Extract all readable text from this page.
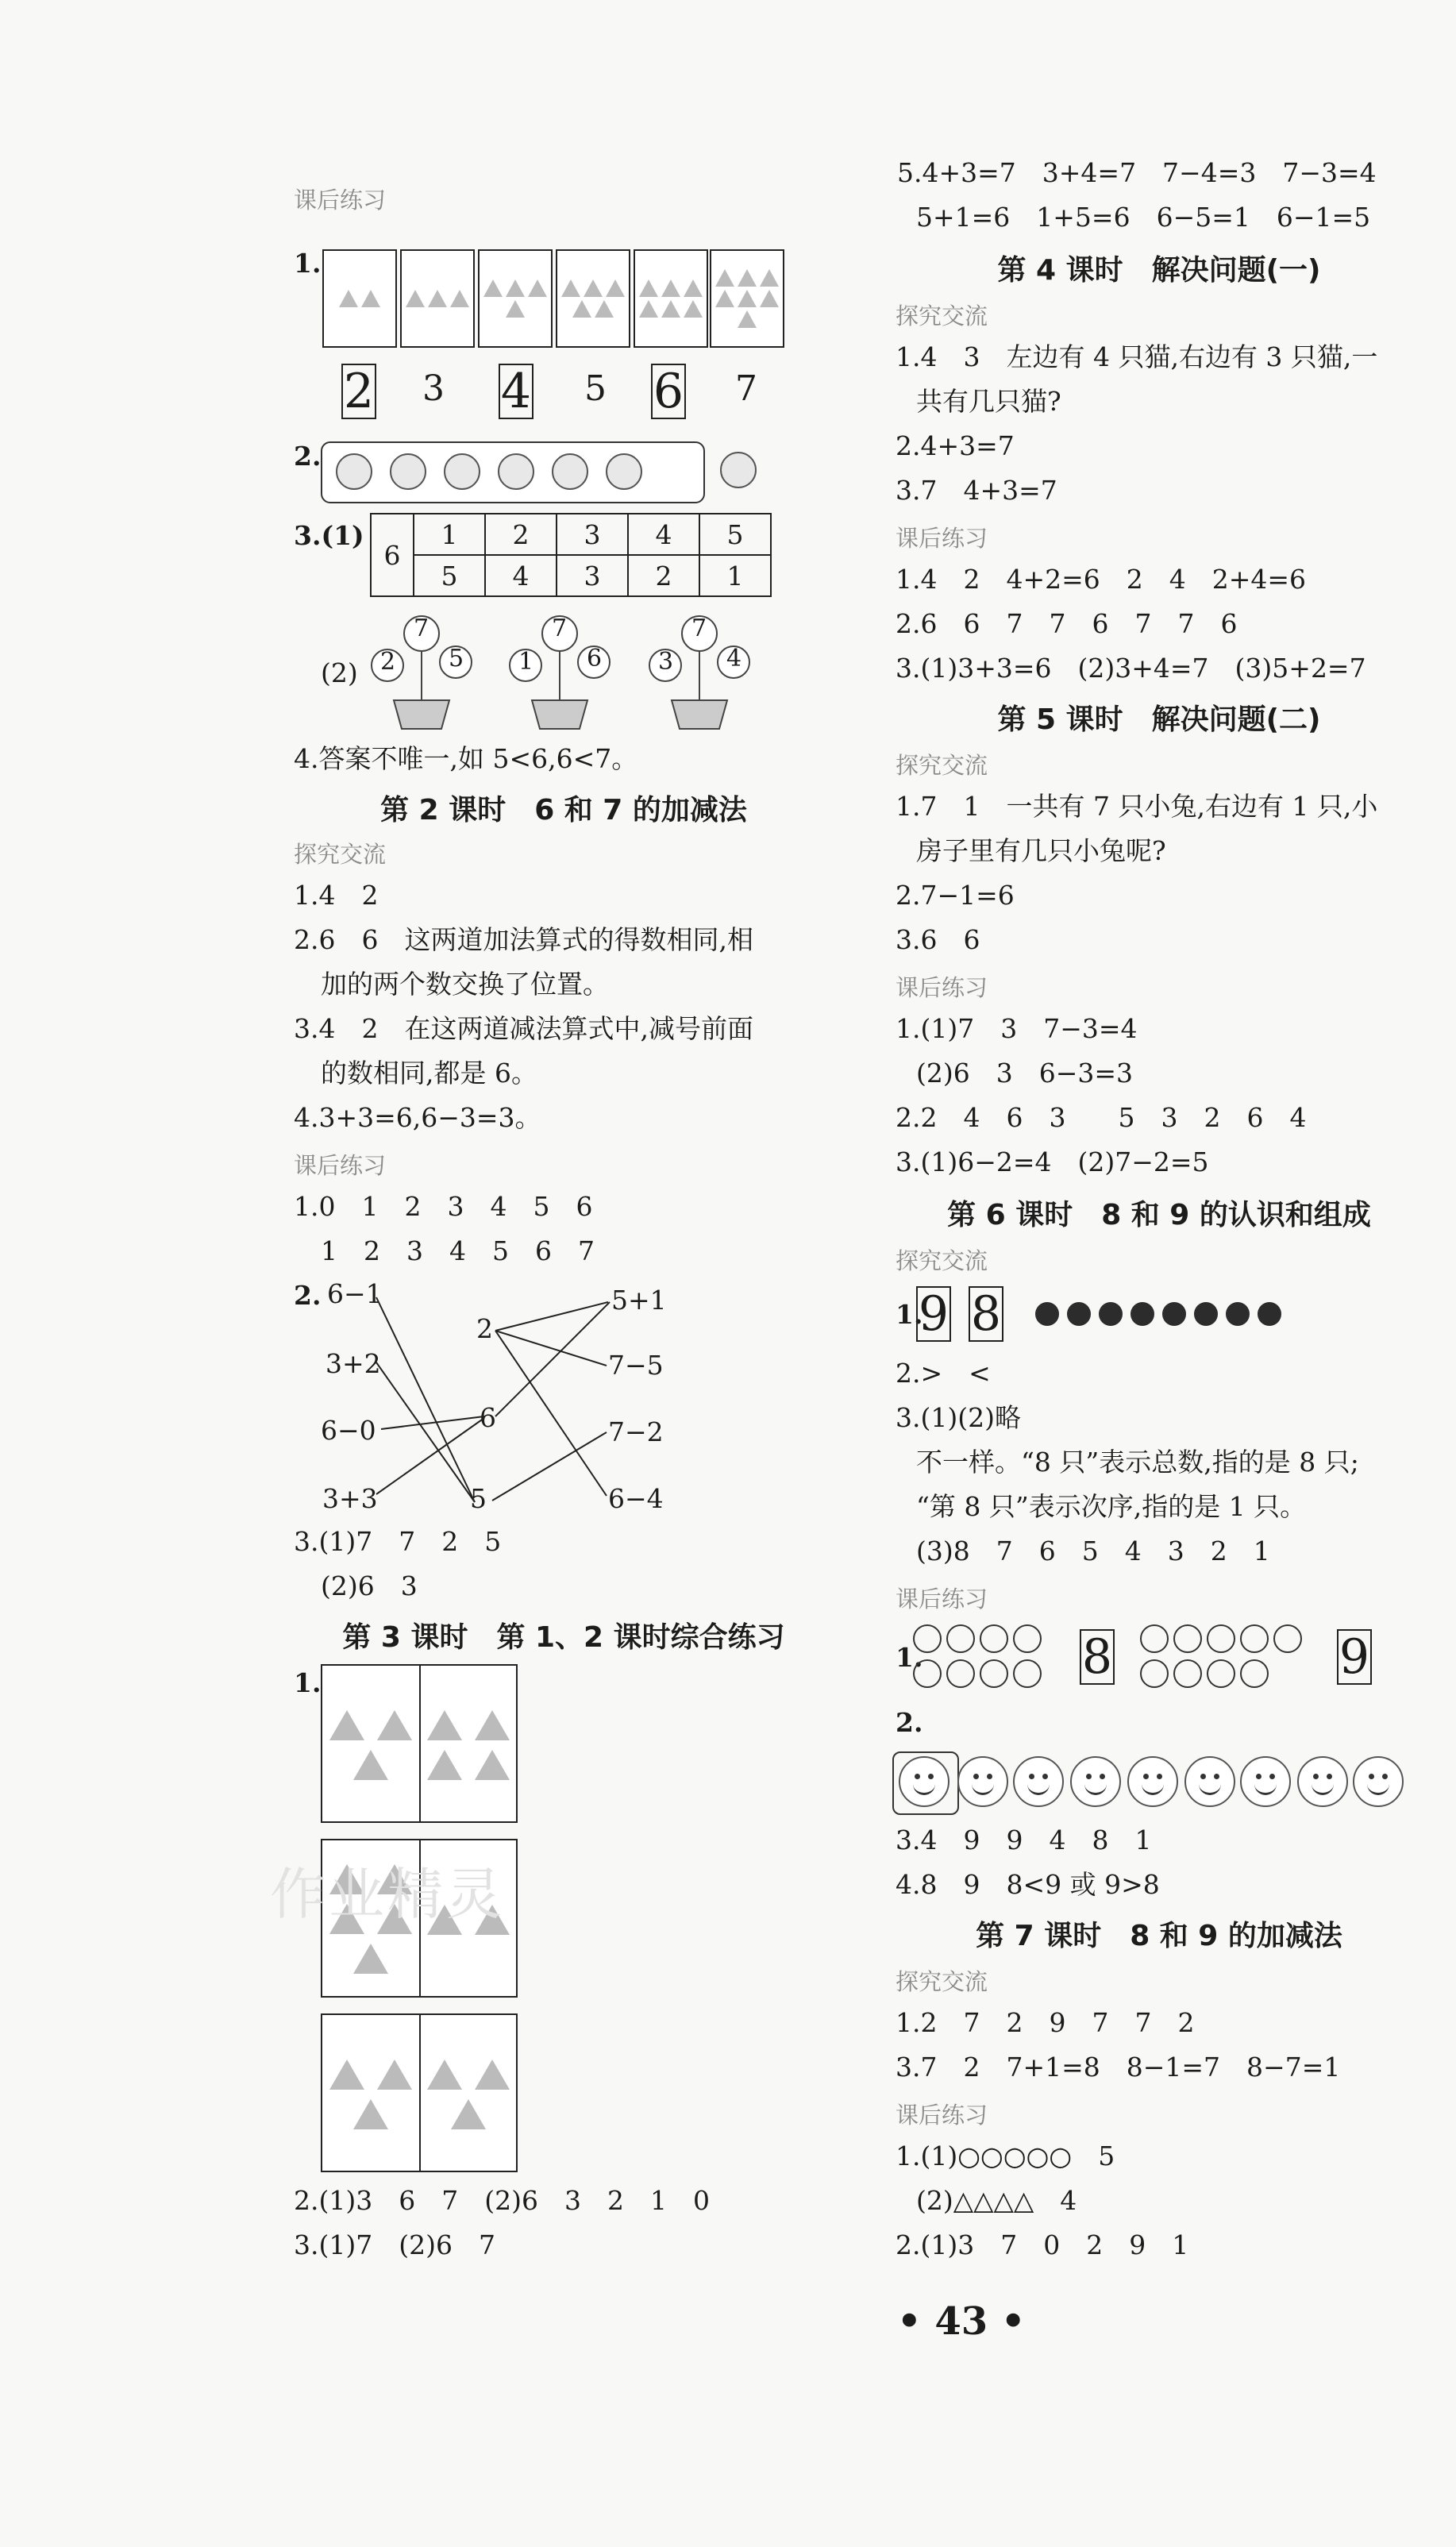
课后练习
1.
2 3 4 5 6 7
2.
3.(1)
6	1	2	3	4	5
	5	4	3	2	1
(2)
7
2 5
7
1 6
7
3 4
4.答案不唯一,如 5<6,6<7。
第 2 课时　6 和 7 的加减法
探究交流
1.4　2
2.6　6　这两道加法算式的得数相同,相
加的两个数交换了位置。
3.4　2　在这两道减法算式中,减号前面
的数相同,都是 6。
4.3+3=6,6−3=3。
课后练习
1.0　1　2　3　4　5　6
1　2　3　4　5　6　7
2. 6−1
3+2
6−0
3+3
2
6
5
5+1
7−5
7−2
6−4
3.(1)7　7　2　5
(2)6　3
第 3 课时　第 1、2 课时综合练习
1.
2.(1)3　6　7　(2)6　3　2　1　0
3.(1)7　(2)6　7
作业精灵
5.4+3=7　3+4=7　7−4=3　7−3=4
5+1=6　1+5=6　6−5=1　6−1=5
第 4 课时　解决问题(一)
探究交流
1.4　3　左边有 4 只猫,右边有 3 只猫,一
共有几只猫?
2.4+3=7
3.7　4+3=7
课后练习
1.4　2　4+2=6　2　4　2+4=6
2.6　6　7　7　6　7　7　6
3.(1)3+3=6　(2)3+4=7　(3)5+2=7
第 5 课时　解决问题(二)
探究交流
1.7　1　一共有 7 只小兔,右边有 1 只,小
房子里有几只小兔呢?
2.7−1=6
3.6　6
课后练习
1.(1)7　3　7−3=4
(2)6　3　6−3=3
2.2　4　6　3　　5　3　2　6　4
3.(1)6−2=4　(2)7−2=5
第 6 课时　8 和 9 的认识和组成
探究交流
1.
9 8
2.>　<
3.(1)(2)略
不一样。“8 只”表示总数,指的是 8 只;
“第 8 只”表示次序,指的是 1 只。
(3)8　7　6　5　4　3　2　1
课后练习
1.	8	9
2.
3.4　9　9　4　8　1
4.8　9　8<9 或 9>8
第 7 课时　8 和 9 的加减法
探究交流
1.2　7　2　9　7　7　2
3.7　2　7+1=8　8−1=7　8−7=1
课后练习
1.(1)○○○○○　5
(2)△△△△　4
2.(1)3　7　0　2　9　1
• 43 •
